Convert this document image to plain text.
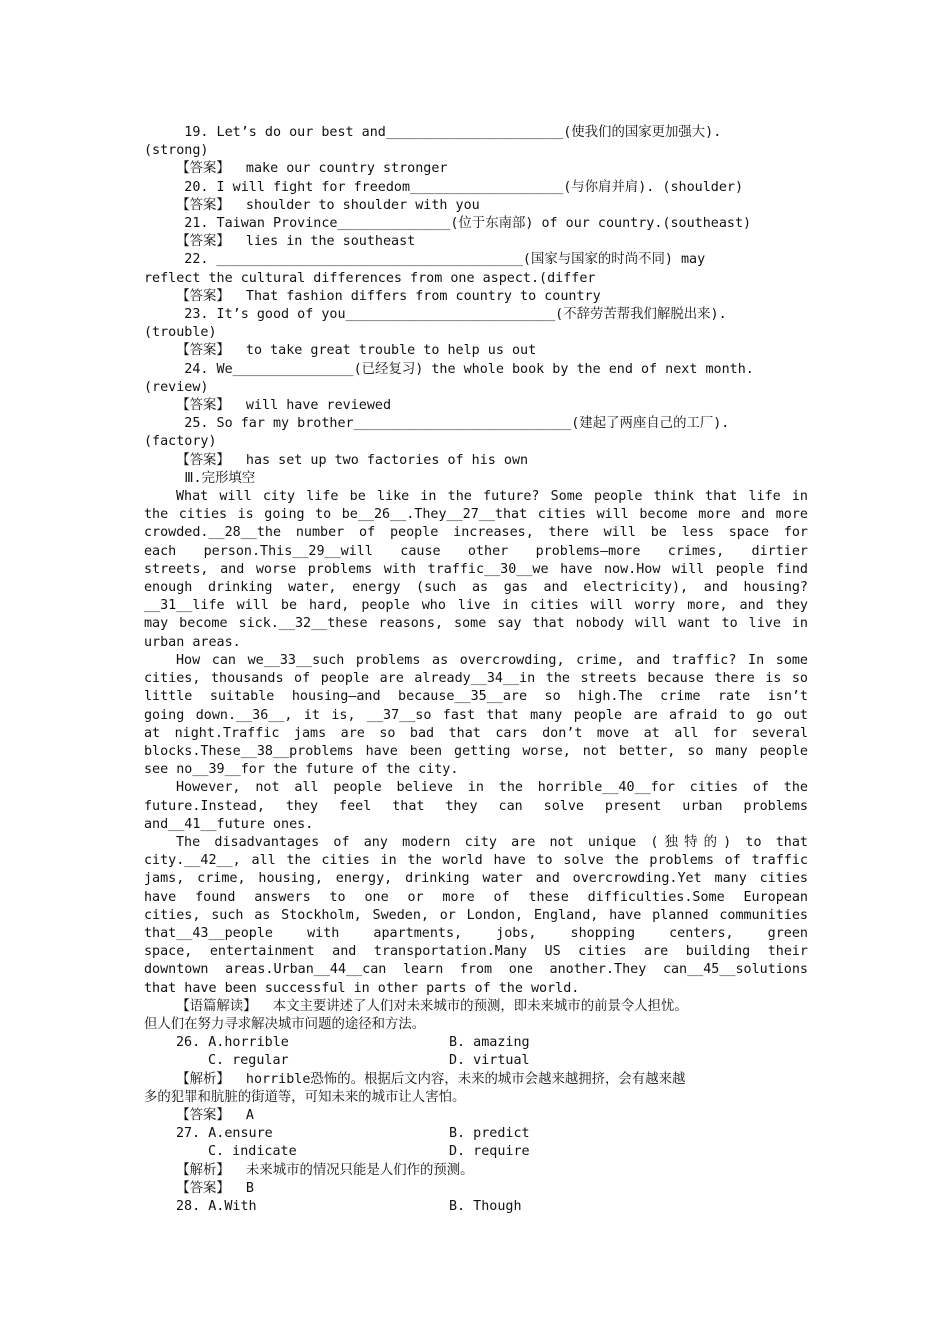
19. Let’s do our best and______________________(使我们的国家更加强大).
(strong)
【答案】  make our country stronger
20. I will fight for freedom___________________(与你肩并肩). (shoulder)
【答案】  shoulder to shoulder with you
21. Taiwan Province______________(位于东南部) of our country.(southeast)
【答案】  lies in the southeast
22. ______________________________________(国家与国家的时尚不同) may
reflect the cultural differences from one aspect.(differ
【答案】  That fashion differs from country to country
23. It’s good of you__________________________(不辞劳苦帮我们解脱出来).
(trouble)
【答案】  to take great trouble to help us out
24. We_______________(已经复习) the whole book by the end of next month.
(review)
【答案】  will have reviewed
25. So far my brother___________________________(建起了两座自己的工厂).
(factory)
【答案】  has set up two factories of his own
Ⅲ.完形填空
What will city life be like in the future? Some people think that life in
the cities is going to be__26__.They__27__that cities will become more and more
crowded.__28__the number of people increases, there will be less space for
each person.This__29__will cause other problems—more crimes, dirtier
streets, and worse problems with traffic__30__we have now.How will people find
enough drinking water, energy (such as gas and electricity), and housing?
__31__life will be hard, people who live in cities will worry more, and they
may become sick.__32__these reasons, some say that nobody will want to live in
urban areas.
How can we__33__such problems as overcrowding, crime, and traffic? In some
cities, thousands of people are already__34__in the streets because there is so
little suitable housing—and because__35__are so high.The crime rate isn’t
going down.__36__, it is, __37__so fast that many people are afraid to go out
at night.Traffic jams are so bad that cars don’t move at all for several
blocks.These__38__problems have been getting worse, not better, so many people
see no__39__for the future of the city.
However, not all people believe in the horrible__40__for cities of the
future.Instead, they feel that they can solve present urban problems
and__41__future ones.
The disadvantages of any modern city are not unique (独特的) to that
city.__42__, all the cities in the world have to solve the problems of traffic
jams, crime, housing, energy, drinking water and overcrowding.Yet many cities
have found answers to one or more of these difficulties.Some European
cities, such as Stockholm, Sweden, or London, England, have planned communities
that__43__people with apartments, jobs, shopping centers, green
space, entertainment and transportation.Many US cities are building their
downtown areas.Urban__44__can learn from one another.They can__45__solutions
that have been successful in other parts of the world.
【语篇解读】  本文主要讲述了人们对未来城市的预测，即未来城市的前景令人担忧。
但人们在努力寻求解决城市问题的途径和方法。
26. A.horrible	B. amazing
C. regular	D. virtual
【解析】  horrible恐怖的。根据后文内容，未来的城市会越来越拥挤，会有越来越
多的犯罪和肮脏的街道等，可知未来的城市让人害怕。
【答案】  A
27. A.ensure	B. predict
C. indicate	D. require
【解析】  未来城市的情况只能是人们作的预测。
【答案】  B
28. A.With	B. Though
